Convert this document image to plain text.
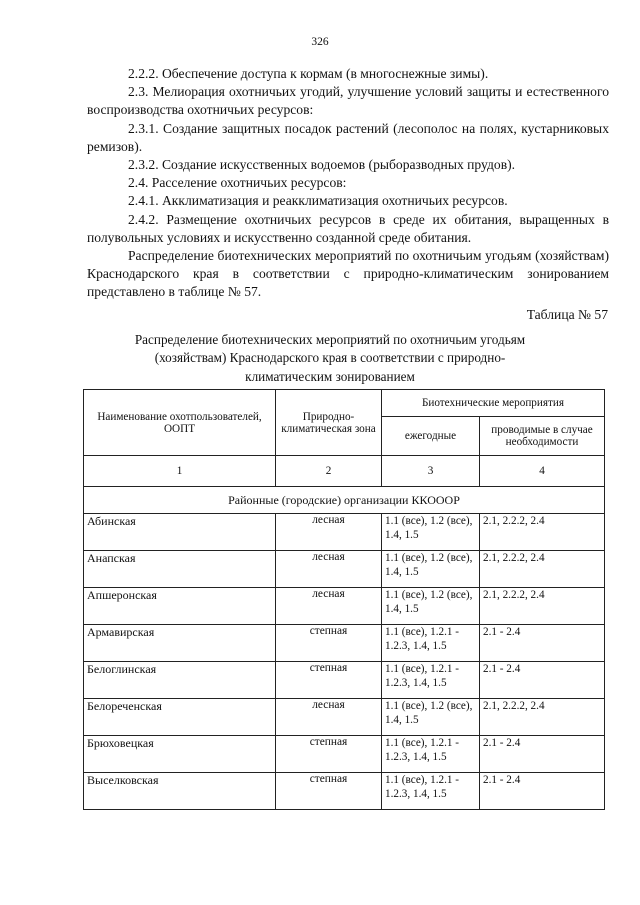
326

2.2.2. Обеспечение доступа к кормам (в многоснежные зимы).

2.3. Мелиорация охотничьих угодий, улучшение условий защиты и естественного воспроизводства охотничьих ресурсов:

2.3.1. Создание защитных посадок растений (лесополос на полях, кустарниковых ремизов).

2.3.2. Создание искусственных водоемов (рыборазводных прудов).

2.4. Расселение охотничьих ресурсов:

2.4.1. Акклиматизация и реакклиматизация охотничьих ресурсов.

2.4.2. Размещение охотничьих ресурсов в среде их обитания, выращенных в полувольных условиях и искусственно созданной среде обитания.

Распределение биотехнических мероприятий по охотничьим угодьям (хозяйствам) Краснодарского края в соответствии с природно-климатическим зонированием представлено в таблице № 57.

Таблица № 57
Распределение биотехнических мероприятий по охотничьим угодьям (хозяйствам) Краснодарского края в соответствии с природно-климатическим зонированием
Наименование охотпользователей, ООПТ	Природно-климатическая зона	Биотехнические мероприятия	
		ежегодные	проводимые в случае необходимости
1	2	3	4
Районные (городские) организации ККОООР			
Абинская	лесная	1.1 (все), 1.2 (все), 1.4, 1.5	2.1, 2.2.2, 2.4
Анапская	лесная	1.1 (все), 1.2 (все), 1.4, 1.5	2.1, 2.2.2, 2.4
Апшеронская	лесная	1.1 (все), 1.2 (все), 1.4, 1.5	2.1, 2.2.2, 2.4
Армавирская	степная	1.1 (все), 1.2.1 - 1.2.3, 1.4, 1.5	2.1 - 2.4
Белоглинская	степная	1.1 (все), 1.2.1 - 1.2.3, 1.4, 1.5	2.1 - 2.4
Белореченская	лесная	1.1 (все), 1.2 (все), 1.4, 1.5	2.1, 2.2.2, 2.4
Брюховецкая	степная	1.1 (все), 1.2.1 - 1.2.3, 1.4, 1.5	2.1 - 2.4
Выселковская	степная	1.1 (все), 1.2.1 - 1.2.3, 1.4, 1.5	2.1 - 2.4
